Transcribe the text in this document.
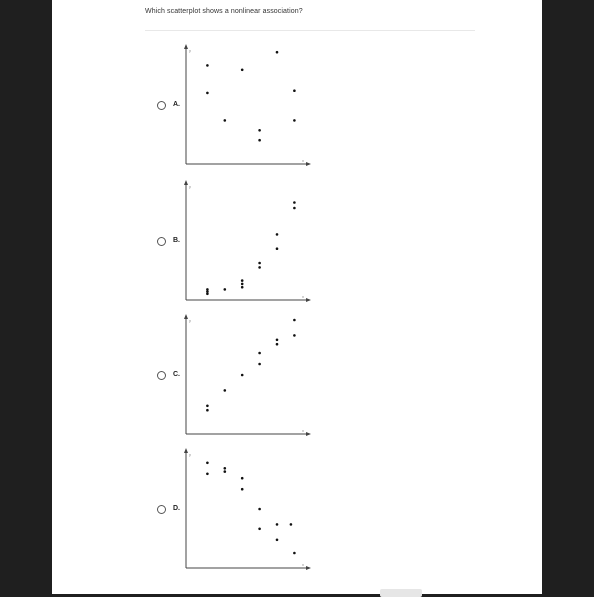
Which scatterplot shows a nonlinear association?
A.
y
x
B.
y
x
C.
y
x
D.
y
x
